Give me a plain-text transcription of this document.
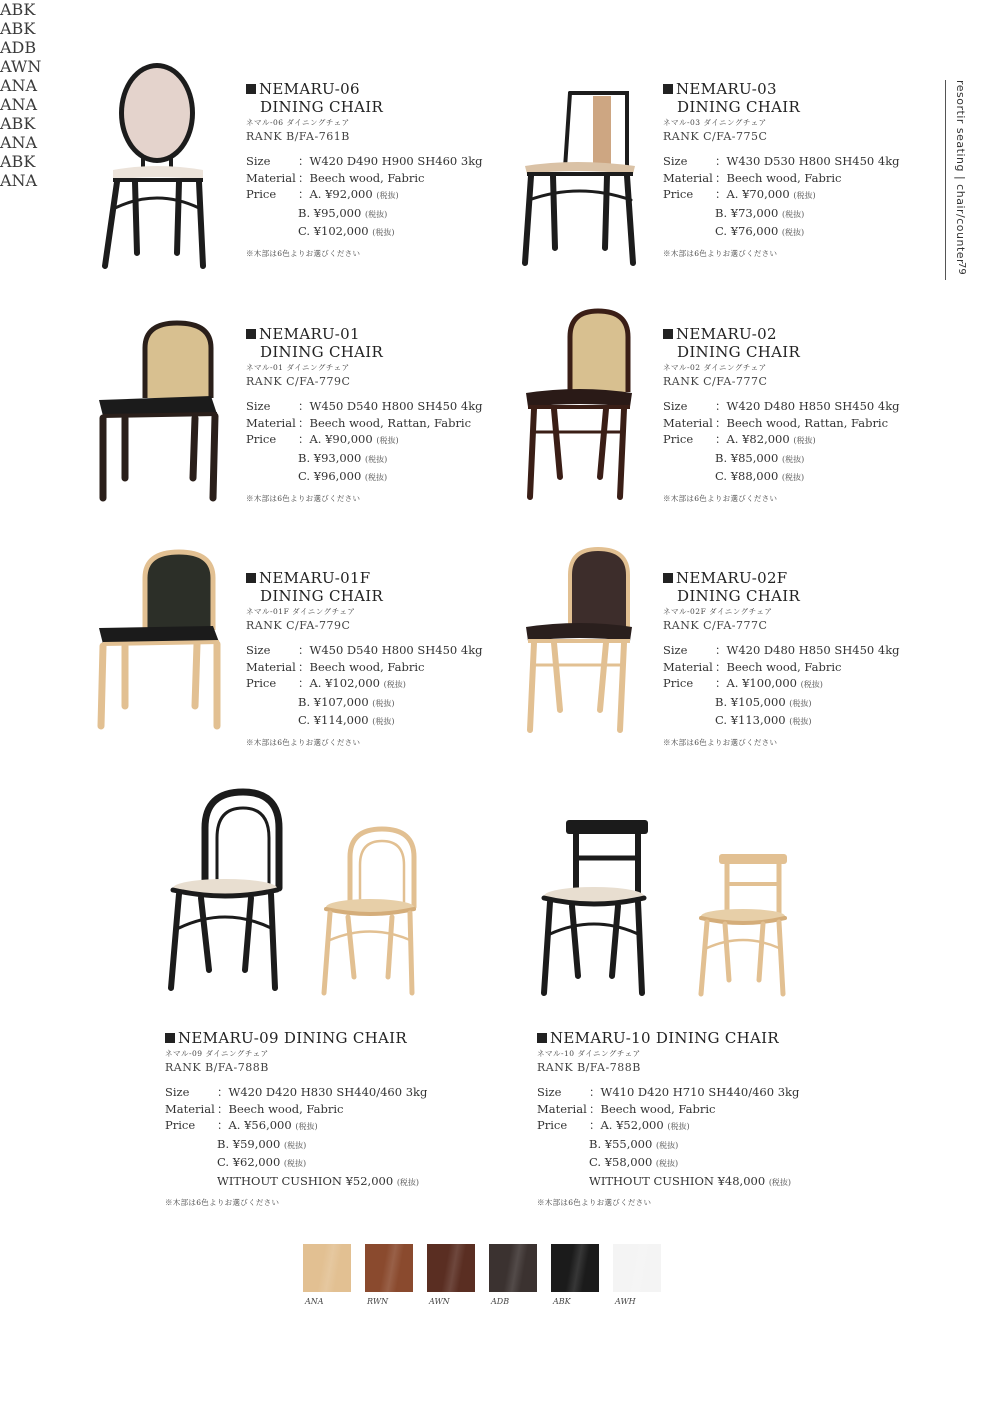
resortir seating | chair/counter
79
ABK
NEMARU-06
DINING CHAIR
ネマル-06 ダイニングチェア
RANK B/FA-761B
Size	：W420 D490 H900 SH460 3kg
Material ：Beech wood, Fabric
Price	：A. ¥92,000 (税抜)
B. ¥95,000 (税抜)
C. ¥102,000 (税抜)
※木部は6色よりお選びください
ABK
NEMARU-03
DINING CHAIR
ネマル-03 ダイニングチェア
RANK C/FA-775C
Size	：W430 D530 H800 SH450 4kg
Material ：Beech wood, Fabric
Price	：A. ¥70,000 (税抜)
B. ¥73,000 (税抜)
C. ¥76,000 (税抜)
※木部は6色よりお選びください
ADB
NEMARU-01
DINING CHAIR
ネマル-01 ダイニングチェア
RANK C/FA-779C
Size	：W450 D540 H800 SH450 4kg
Material ：Beech wood, Rattan, Fabric
Price	：A. ¥90,000 (税抜)
B. ¥93,000 (税抜)
C. ¥96,000 (税抜)
※木部は6色よりお選びください
AWN
NEMARU-02
DINING CHAIR
ネマル-02 ダイニングチェア
RANK C/FA-777C
Size	：W420 D480 H850 SH450 4kg
Material ：Beech wood, Rattan, Fabric
Price	：A. ¥82,000 (税抜)
B. ¥85,000 (税抜)
C. ¥88,000 (税抜)
※木部は6色よりお選びください
ANA
NEMARU-01F
DINING CHAIR
ネマル-01F ダイニングチェア
RANK C/FA-779C
Size	：W450 D540 H800 SH450 4kg
Material ：Beech wood, Fabric
Price	：A. ¥102,000 (税抜)
B. ¥107,000 (税抜)
C. ¥114,000 (税抜)
※木部は6色よりお選びください
ANA
NEMARU-02F
DINING CHAIR
ネマル-02F ダイニングチェア
RANK C/FA-777C
Size	：W420 D480 H850 SH450 4kg
Material ：Beech wood, Fabric
Price	：A. ¥100,000 (税抜)
B. ¥105,000 (税抜)
C. ¥113,000 (税抜)
※木部は6色よりお選びください
ABK
ANA
NEMARU-09 DINING CHAIR
ネマル-09 ダイニングチェア
RANK B/FA-788B
Size	：W420 D420 H830 SH440/460 3kg
Material ：Beech wood, Fabric
Price	：A. ¥56,000 (税抜)
B. ¥59,000 (税抜)
C. ¥62,000 (税抜)
WITHOUT CUSHION ¥52,000 (税抜)
※木部は6色よりお選びください
ABK
ANA
NEMARU-10 DINING CHAIR
ネマル-10 ダイニングチェア
RANK B/FA-788B
Size	：W410 D420 H710 SH440/460 3kg
Material ：Beech wood, Fabric
Price	：A. ¥52,000 (税抜)
B. ¥55,000 (税抜)
C. ¥58,000 (税抜)
WITHOUT CUSHION ¥48,000 (税抜)
※木部は6色よりお選びください
ANA	RWN	AWN	ADB	ABK	AWH
